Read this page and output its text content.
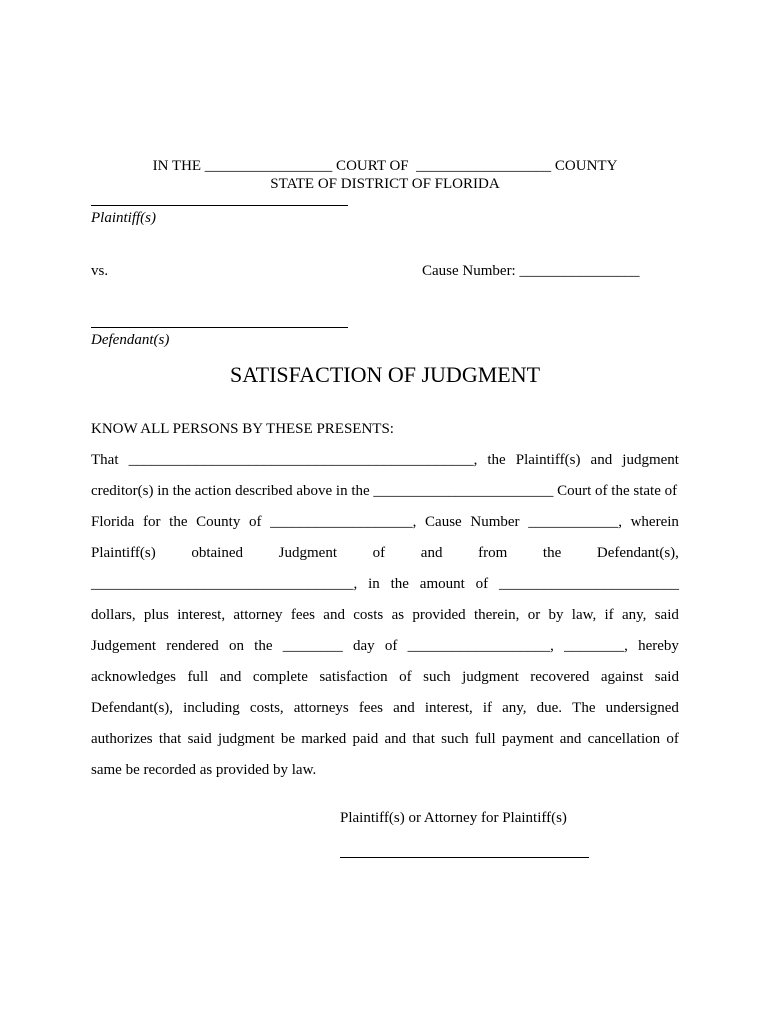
IN THE _________________ COURT OF  __________________ COUNTY
STATE OF DISTRICT OF FLORIDA
Plaintiff(s)
vs.	Cause Number: ________________
Defendant(s)
SATISFACTION OF JUDGMENT
KNOW ALL PERSONS BY THESE PRESENTS:
That ______________________________________________, the Plaintiff(s) and judgment
creditor(s) in the action described above in the ________________________ Court of the state of
Florida for the County of ___________________, Cause Number ____________, wherein
Plaintiff(s) obtained Judgment of and from the Defendant(s),
___________________________________, in the amount of ________________________
dollars, plus interest, attorney fees and costs as provided therein, or by law, if any, said
Judgement rendered on the ________ day of ___________________, ________, hereby
acknowledges full and complete satisfaction of such judgment recovered against said
Defendant(s), including costs, attorneys fees and interest, if any, due. The undersigned
authorizes that said judgment be marked paid and that such full payment and cancellation of
same be recorded as provided by law.
Plaintiff(s) or Attorney for Plaintiff(s)
